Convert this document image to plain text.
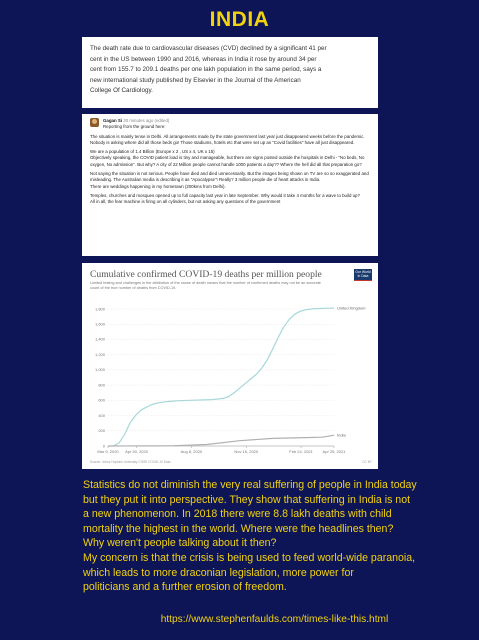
INDIA
The death rate due to cardiovascular diseases (CVD) declined by a significant 41 per
cent in the US between 1990 and 2016, whereas in India it rose by around 34 per
cent from 155.7 to 209.1 deaths per one lakh population in the same period, says a
new international study published by Elsevier in the Journal of the American
College Of Cardiology.
Gagan Si 30 minutes ago (edited)
Reporting from the ground here:

The situation is mainly tense in Delhi. All arrangements made by the state government last year just disappeared weeks before the pandemic. Nobody is asking where did all those beds go! Those stadiums, hotels etc that were set up as "Covid facilities" have all just disappeared.

We are a population of 1.4 Billion (Europe x 2 , US x 4, UK x 15)

Objectively speaking, the COVID patient load is tiny and manageable, but there are signs posted outside the hospitals in Delhi - "No beds, No oxygen, No admission". But why? A city of 22 Million people cannot handle 1000 patients a day?? Where the hell did all that preparation go?

Not saying the situation is not serious. People have died and died unnecessarily. But the images being shown on TV are so so exaggerated and misleading. The Australian media is describing it as "Apocalypse"! Really? 3 million people die of heart attacks in India.

There are weddings happening in my hometown (200kms from Delhi).

Temples, churches and mosques opened up to full capacity last year in late September. Why would it take 4 months for a wave to build up?
All in all, the fear machine is firing on all cylinders, but not asking any questions of the government
Cumulative confirmed COVID-19 deaths per million people
Limited testing and challenges in the attribution of the cause of death means that the number of confirmed deaths may not be an accurate count of the true number of deaths from COVID-19.
Our World
in Data
0
200
400
600
800
1,000
1,200
1,400
1,600
1,800
Mar 9, 2020 Apr 30, 2020	Aug 8, 2020	Nov 16, 2020	Feb 24, 2021 Apr 25, 2021
United Kingdom
India
Source: Johns Hopkins University CSSE COVID-19 Data	CC BY

Statistics do not diminish the very real suffering of people in India today

but they put it into perspective. They show that suffering in India is not

a new phenomenon. In 2018 there were 8.8 lakh deaths with child

mortality the highest in the world. Where were the headlines then?

Why weren't people talking about it then?

My concern is that the crisis is being used to feed world-wide paranoia,

which leads to more draconian legislation, more power for

politicians and a further erosion of freedom.

https://www.stephenfaulds.com/times-like-this.html
